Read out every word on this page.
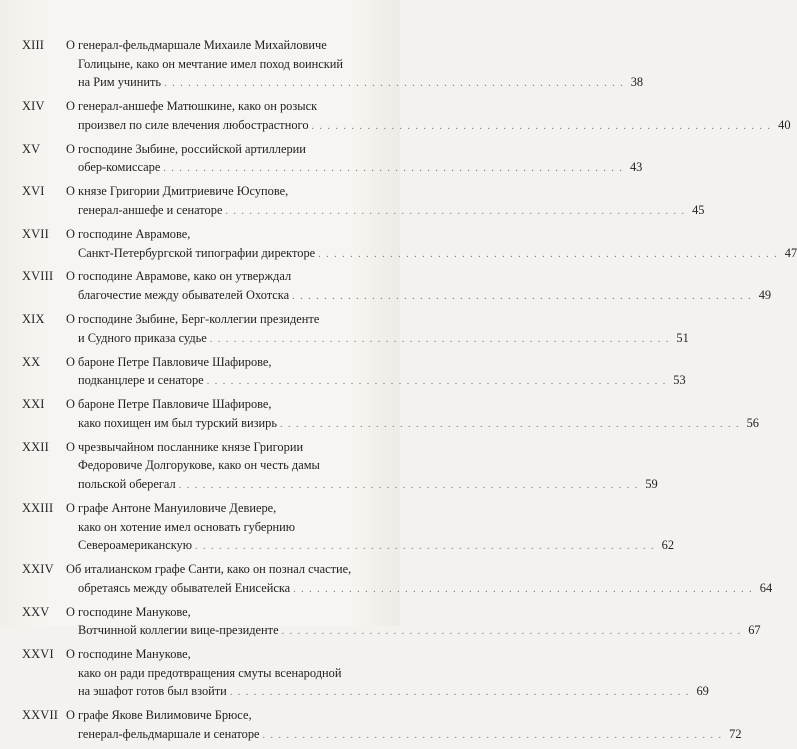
XIII	О генерал-фельдмаршале Михаиле Михайловиче
Голицыне, како он мечтание имел поход воинский
на Рим учинить . . .	38
XIV	О генерал-аншефе Матюшкине, како он розыск
произвел по силе влечения любострастного . . .	40
XV	О господине Зыбине, российской артиллерии
обер-комиссаре . . .	43
XVI	О князе Григории Дмитриевиче Юсупове,
генерал-аншефе и сенаторе . . .	45
XVII	О господине Аврамове,
Санкт-Петербургской типографии директоре . . .	47
XVIII	О господине Аврамове, како он утверждал
благочестие между обывателей Охотска . . .	49
XIX	О господине Зыбине, Берг-коллегии президенте
и Судного приказа судье . . .	51
XX	О бароне Петре Павловиче Шафирове,
подканцлере и сенаторе . . .	53
XXI	О бароне Петре Павловиче Шафирове,
како похищен им был турский визирь . . .	56
XXII	О чрезвычайном посланнике князе Григории
Федоровиче Долгорукове, како он честь дамы
польской оберегал . . .	59
XXIII	О графе Антоне Мануиловиче Девиере,
како он хотение имел основать губернию
Североамериканскую . . .	62
XXIV Об италианском графе Санти, како он познал счастие,
обретаясь между обывателей Енисейска . . .	64
XXV	О господине Манукове,
Вотчинной коллегии вице-президенте . . .	67
XXVI О господине Манукове,
како он ради предотвращения смуты всенародной
на эшафот готов был взойти . . .	69
XXVII О графе Якове Вилимовиче Брюсе,
генерал-фельдмаршале и сенаторе . . .	72
